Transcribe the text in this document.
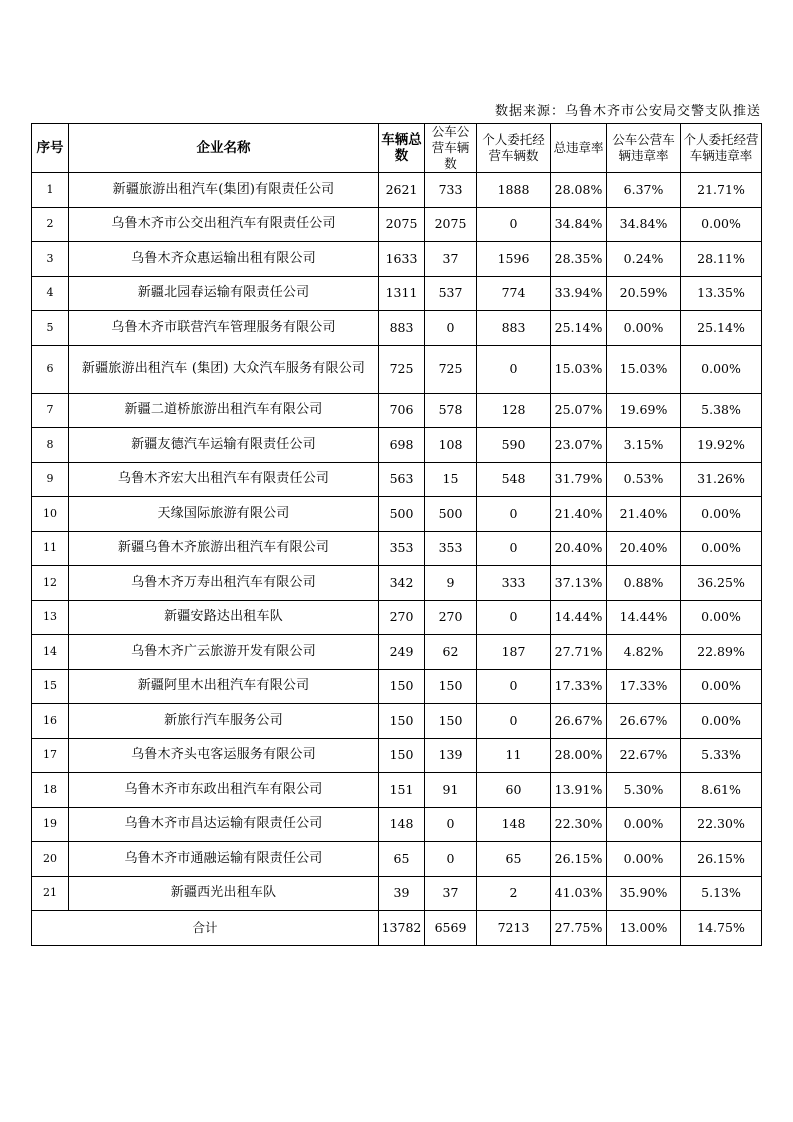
数据来源：乌鲁木齐市公安局交警支队推送
序号	企业名称	车辆总数	公车公营车辆数	个人委托经营车辆数	总违章率	公车公营车辆违章率	个人委托经营车辆违章率
1	新疆旅游出租汽车(集团)有限责任公司	2621	733	1888	28.08%	6.37%	21.71%
2	乌鲁木齐市公交出租汽车有限责任公司	2075	2075	0	34.84%	34.84%	0.00%
3	乌鲁木齐众惠运输出租有限公司	1633	37	1596	28.35%	0.24%	28.11%
4	新疆北园春运输有限责任公司	1311	537	774	33.94%	20.59%	13.35%
5	乌鲁木齐市联营汽车管理服务有限公司	883	0	883	25.14%	0.00%	25.14%
6	新疆旅游出租汽车 (集团) 大众汽车服务有限公司	725	725	0	15.03%	15.03%	0.00%
7	新疆二道桥旅游出租汽车有限公司	706	578	128	25.07%	19.69%	5.38%
8	新疆友德汽车运输有限责任公司	698	108	590	23.07%	3.15%	19.92%
9	乌鲁木齐宏大出租汽车有限责任公司	563	15	548	31.79%	0.53%	31.26%
10	天缘国际旅游有限公司	500	500	0	21.40%	21.40%	0.00%
11	新疆乌鲁木齐旅游出租汽车有限公司	353	353	0	20.40%	20.40%	0.00%
12	乌鲁木齐万寿出租汽车有限公司	342	9	333	37.13%	0.88%	36.25%
13	新疆安路达出租车队	270	270	0	14.44%	14.44%	0.00%
14	乌鲁木齐广云旅游开发有限公司	249	62	187	27.71%	4.82%	22.89%
15	新疆阿里木出租汽车有限公司	150	150	0	17.33%	17.33%	0.00%
16	新旅行汽车服务公司	150	150	0	26.67%	26.67%	0.00%
17	乌鲁木齐头屯客运服务有限公司	150	139	11	28.00%	22.67%	5.33%
18	乌鲁木齐市东政出租汽车有限公司	151	91	60	13.91%	5.30%	8.61%
19	乌鲁木齐市昌达运输有限责任公司	148	0	148	22.30%	0.00%	22.30%
20	乌鲁木齐市通融运输有限责任公司	65	0	65	26.15%	0.00%	26.15%
21	新疆西光出租车队	39	37	2	41.03%	35.90%	5.13%
合计		13782	6569	7213	27.75%	13.00%	14.75%
